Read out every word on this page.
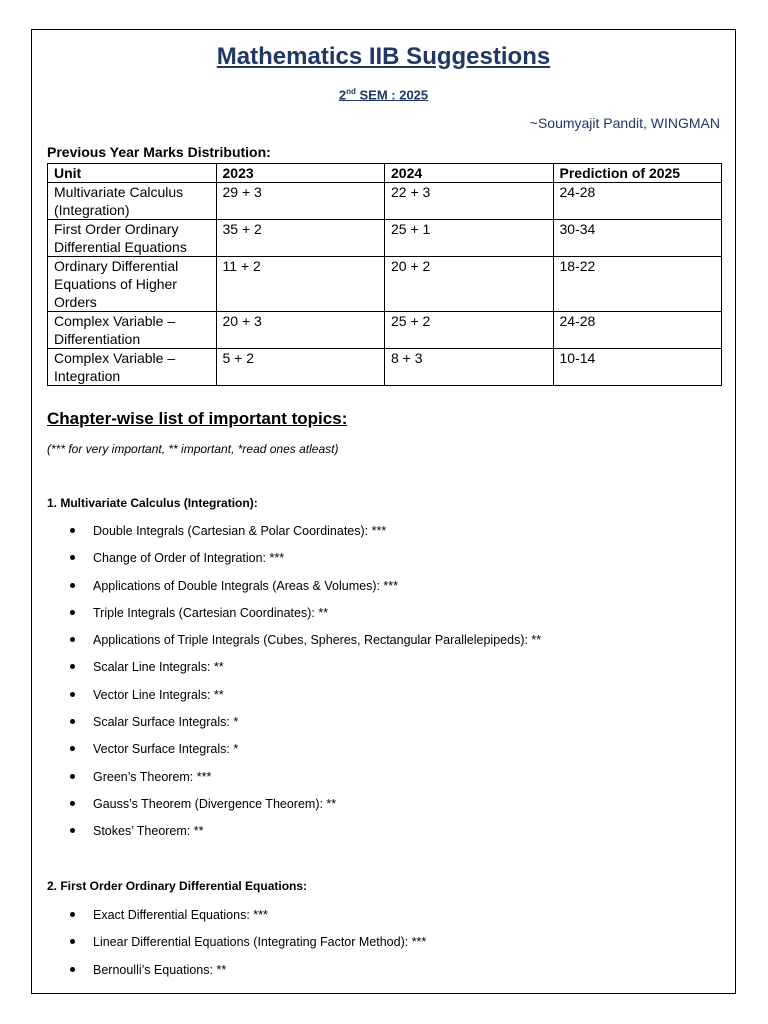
Mathematics IIB Suggestions
2nd SEM : 2025
~Soumyajit Pandit, WINGMAN
Previous Year Marks Distribution:
Unit	2023	2024	Prediction of 2025
Multivariate Calculus (Integration)	29 + 3	22 + 3	24-28
First Order Ordinary Differential Equations	35 + 2	25 + 1	30-34
Ordinary Differential Equations of Higher Orders	11 + 2	20 + 2	18-22
Complex Variable – Differentiation	20 + 3	25 + 2	24-28
Complex Variable – Integration	5 + 2	8 + 3	10-14
Chapter-wise list of important topics:
(*** for very important, ** important, *read ones atleast)
1. Multivariate Calculus (Integration):
Double Integrals (Cartesian & Polar Coordinates): ***
Change of Order of Integration: ***
Applications of Double Integrals (Areas & Volumes): ***
Triple Integrals (Cartesian Coordinates): **
Applications of Triple Integrals (Cubes, Spheres, Rectangular Parallelepipeds): **
Scalar Line Integrals: **
Vector Line Integrals: **
Scalar Surface Integrals: *
Vector Surface Integrals: *
Green’s Theorem: ***
Gauss’s Theorem (Divergence Theorem): **
Stokes’ Theorem: **
2. First Order Ordinary Differential Equations:
Exact Differential Equations: ***
Linear Differential Equations (Integrating Factor Method): ***
Bernoulli’s Equations: **
